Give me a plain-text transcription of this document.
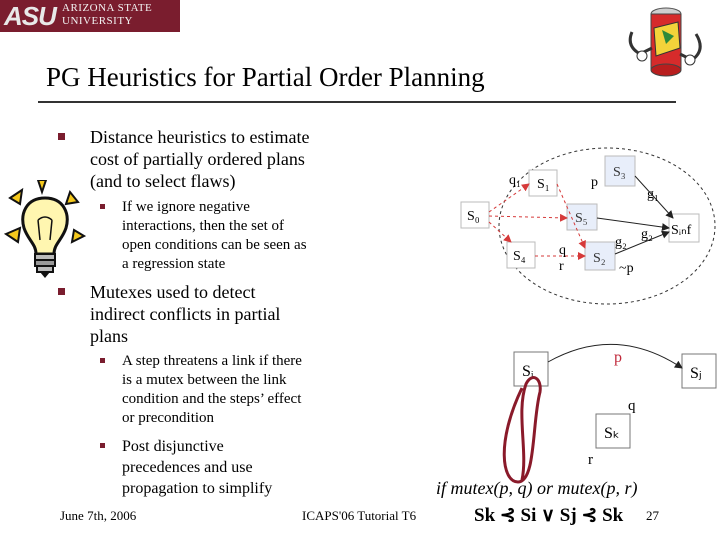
ASU ARIZONA STATE
UNIVERSITY
PG Heuristics for Partial Order Planning
Distance heuristics to estimate
cost of partially ordered plans
(and to select flaws)
If we ignore negative
interactions, then the set of
open conditions can be seen as
a regression state
Mutexes used to detect
indirect conflicts in partial
plans
A step threatens a link if there
is a mutex between the link
condition and the steps’ effect
or precondition
Post disjunctive
precedences and use
propagation to simplify
S₀
S₁
S₃
S₅
S₄	S₂
Sᵢₙf
q₁	p
g₁
g₂
g₂
q
r	~p
Sᵢ	Sⱼ
Sₖ
p
q
r
if mutex(p, q) or mutex(p, r)
Sk ⊰ Si ∨ Sj ⊰ Sk
June 7th, 2006	ICAPS'06 Tutorial T6	27
